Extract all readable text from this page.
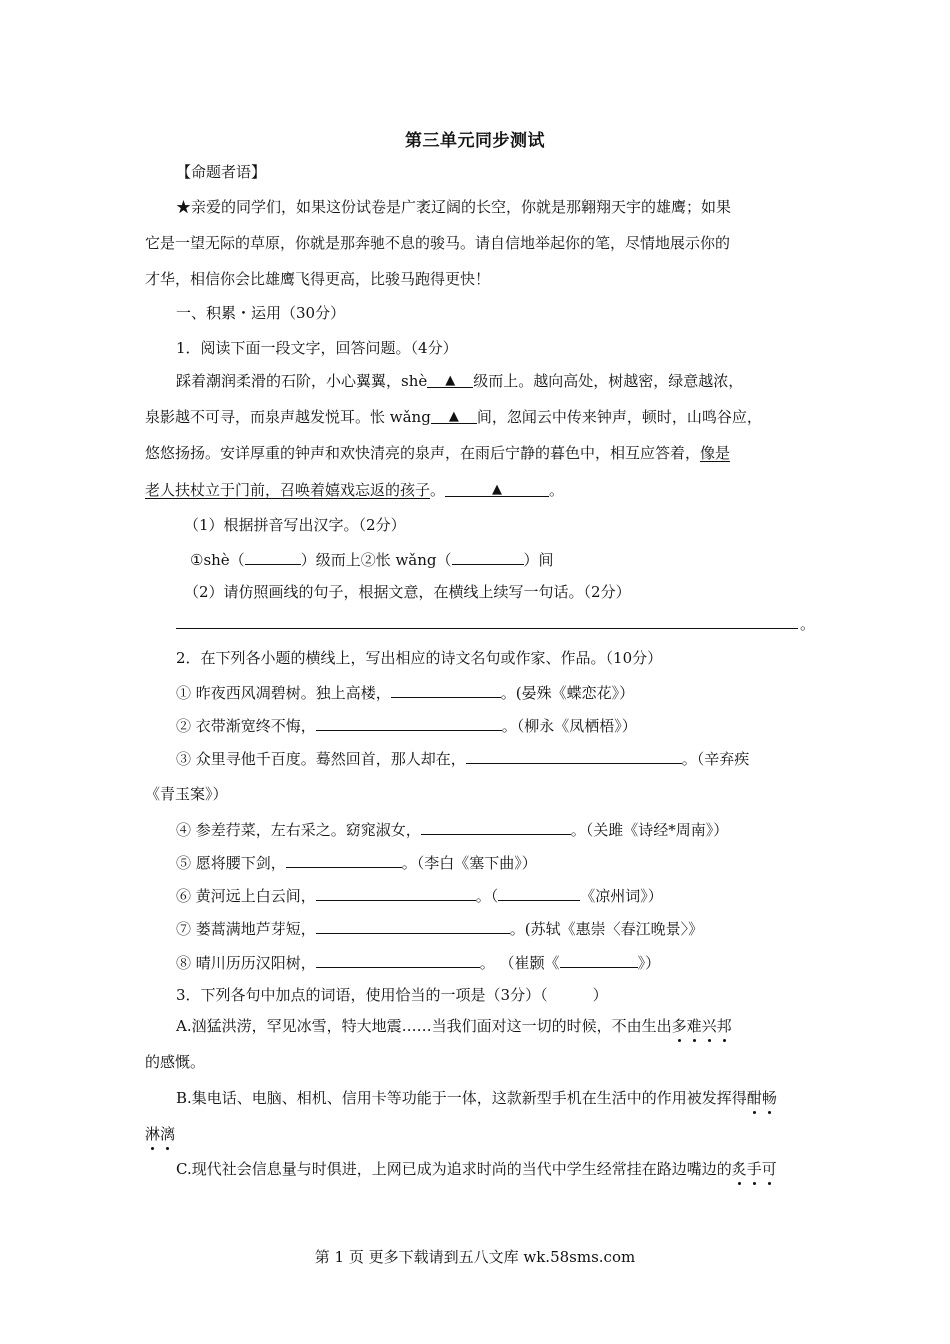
第三单元同步测试
【命题者语】
★亲爱的同学们，如果这份试卷是广袤辽阔的长空，你就是那翱翔天宇的雄鹰；如果
它是一望无际的草原，你就是那奔驰不息的骏马。请自信地举起你的笔，尽情地展示你的
才华，相信你会比雄鹰飞得更高，比骏马跑得更快！
一、积累・运用（30分）
1．阅读下面一段文字，回答问题。（4分）
踩着潮润柔滑的石阶，小心翼翼，shè ▲ 级而上。越向高处，树越密，绿意越浓，
泉影越不可寻，而泉声越发悦耳。怅 wǎng ▲ 间，忽闻云中传来钟声，顿时，山鸣谷应，
悠悠扬扬。安详厚重的钟声和欢快清亮的泉声，在雨后宁静的暮色中，相互应答着，像是
老人扶杖立于门前，召唤着嬉戏忘返的孩子。	▲	。
（1）根据拼音写出汉字。（2分）
①shè（	）级而上②怅 wǎng（	）间
（2）请仿照画线的句子，根据文意，在横线上续写一句话。（2分）
。
2．在下列各小题的横线上，写出相应的诗文名句或作家、作品。（10分）
① 昨夜西风凋碧树。独上高楼，	。(晏殊《蝶恋花》）
② 衣带渐宽终不悔，	。（柳永《凤栖梧》）
③ 众里寻他千百度。蓦然回首，那人却在，	。（辛弃疾
《青玉案》）
④ 参差荇菜，左右采之。窈窕淑女，	。（关雎《诗经*周南》）
⑤ 愿将腰下剑，	。（李白《塞下曲》）
⑥ 黄河远上白云间，	。（	《凉州词》）
⑦ 蒌蒿满地芦芽短，	。(苏轼《惠崇〈春江晚景〉》
⑧ 晴川历历汉阳树，	。 （崔颢《	》）
3．下列各句中加点的词语，使用恰当的一项是（3分）（　　　）
A.汹猛洪涝，罕见冰雪，特大地震……当我们面对这一切的时候，不由生出多难兴邦
的感慨。
B.集电话、电脑、相机、信用卡等功能于一体，这款新型手机在生活中的作用被发挥得酣畅
淋漓
C.现代社会信息量与时俱进，上网已成为追求时尚的当代中学生经常挂在路边嘴边的炙手可
第 1 页 更多下载请到五八文库 wk.58sms.com
